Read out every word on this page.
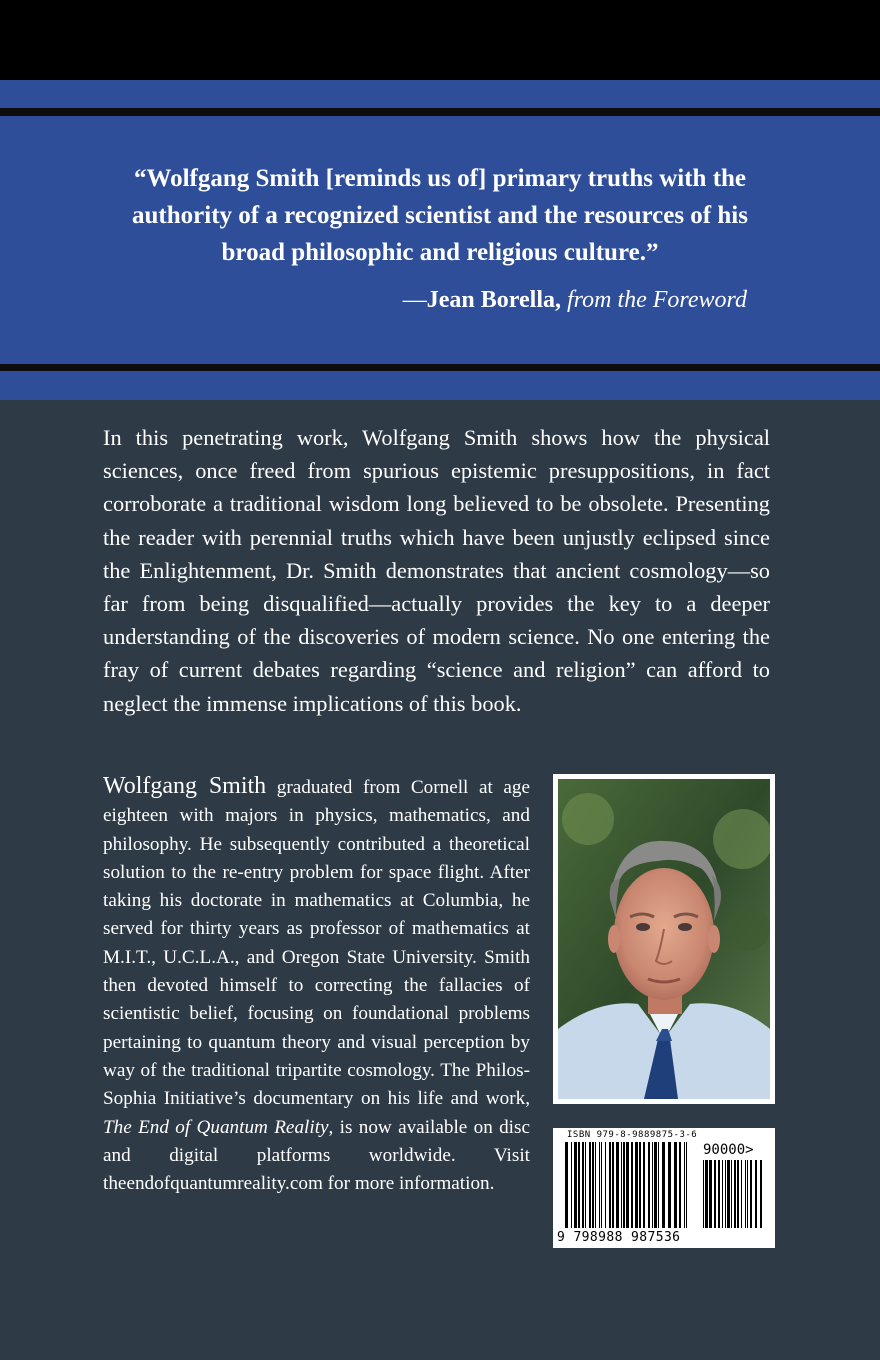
“Wolfgang Smith [reminds us of] primary truths with the authority of a recognized scientist and the resources of his broad philosophic and religious culture.”
—Jean Borella, from the Foreword
In this penetrating work, Wolfgang Smith shows how the physical sciences, once freed from spurious epistemic presuppositions, in fact corroborate a traditional wisdom long believed to be obsolete. Presenting the reader with perennial truths which have been unjustly eclipsed since the Enlightenment, Dr. Smith demonstrates that ancient cosmology—so far from being disqualified—actually provides the key to a deeper understanding of the discoveries of modern science. No one entering the fray of current debates regarding “science and religion” can afford to neglect the immense implications of this book.
Wolfgang Smith graduated from Cornell at age eighteen with majors in physics, mathematics, and philosophy. He subsequently contributed a theoretical solution to the re-entry problem for space flight. After taking his doctorate in mathematics at Columbia, he served for thirty years as professor of mathematics at M.I.T., U.C.L.A., and Oregon State University. Smith then devoted himself to correcting the fallacies of scientistic belief, focusing on foundational problems pertaining to quantum theory and visual perception by way of the traditional tripartite cosmology. The Philos-Sophia Initiative’s documentary on his life and work, The End of Quantum Reality, is now available on disc and digital platforms worldwide. Visit theendofquantumreality.com for more information.
ISBN 979-8-9889875-3-6
90000>
9 798988 987536
